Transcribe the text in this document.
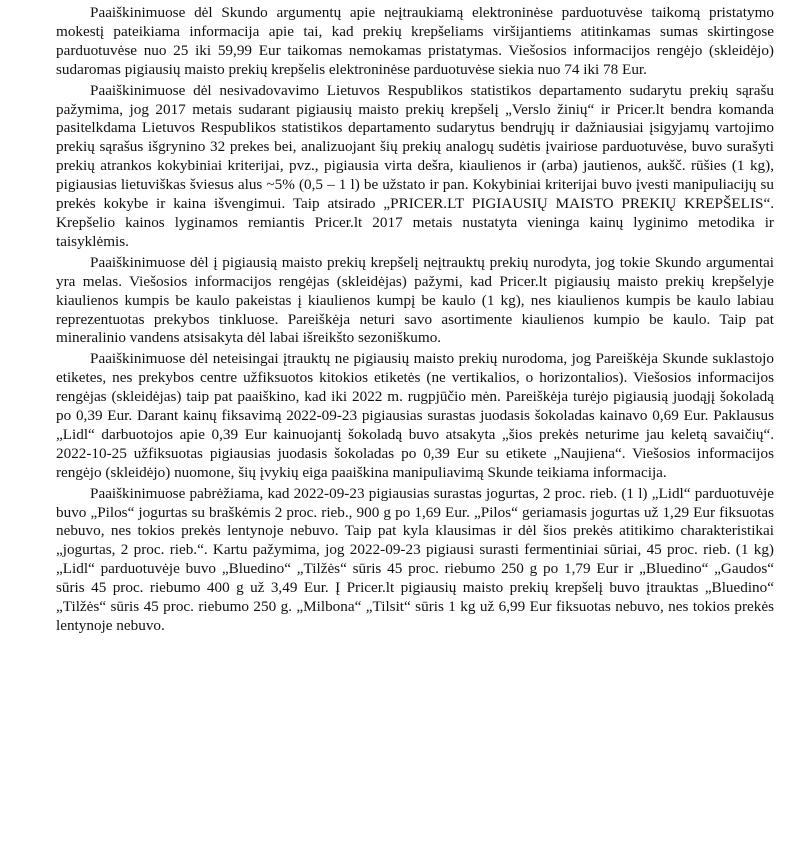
Paaiškinimuose dėl Skundo argumentų apie neįtraukiamą elektroninėse parduotuvėse taikomą pristatymo mokestį pateikiama informacija apie tai, kad prekių krepšeliams viršijantiems atitinkamas sumas skirtingose parduotuvėse nuo 25 iki 59,99 Eur taikomas nemokamas pristatymas. Viešosios informacijos rengėjo (skleidėjo) sudaromas pigiausių maisto prekių krepšelis elektroninėse parduotuvėse siekia nuo 74 iki 78 Eur.

Paaiškinimuose dėl nesivadovavimo Lietuvos Respublikos statistikos departamento sudarytu prekių sąrašu pažymima, jog 2017 metais sudarant pigiausių maisto prekių krepšelį „Verslo žinių“ ir Pricer.lt bendra komanda pasitelkdama Lietuvos Respublikos statistikos departamento sudarytus bendrųjų ir dažniausiai įsigyjamų vartojimo prekių sąrašus išgrynino 32 prekes bei, analizuojant šių prekių analogų sudėtis įvairiose parduotuvėse, buvo surašyti prekių atrankos kokybiniai kriterijai, pvz., pigiausia virta dešra, kiaulienos ir (arba) jautienos, aukšč. rūšies (1 kg), pigiausias lietuviškas šviesus alus ~5% (0,5 – 1 l) be užstato ir pan. Kokybiniai kriterijai buvo įvesti manipuliacijų su prekės kokybe ir kaina išvengimui. Taip atsirado „PRICER.LT PIGIAUSIŲ MAISTO PREKIŲ KREPŠELIS“. Krepšelio kainos lyginamos remiantis Pricer.lt 2017 metais nustatyta vieninga kainų lyginimo metodika ir taisyklėmis.

Paaiškinimuose dėl į pigiausią maisto prekių krepšelį neįtrauktų prekių nurodyta, jog tokie Skundo argumentai yra melas. Viešosios informacijos rengėjas (skleidėjas) pažymi, kad Pricer.lt pigiausių maisto prekių krepšelyje kiaulienos kumpis be kaulo pakeistas į kiaulienos kumpį be kaulo (1 kg), nes kiaulienos kumpis be kaulo labiau reprezentuotas prekybos tinkluose. Pareiškėja neturi savo asortimente kiaulienos kumpio be kaulo. Taip pat mineralinio vandens atsisakyta dėl labai išreikšto sezoniškumo.

Paaiškinimuose dėl neteisingai įtrauktų ne pigiausių maisto prekių nurodoma, jog Pareiškėja Skunde suklastojo etiketes, nes prekybos centre užfiksuotos kitokios etiketės (ne vertikalios, o horizontalios). Viešosios informacijos rengėjas (skleidėjas) taip pat paaiškino, kad iki 2022 m. rugpjūčio mėn. Pareiškėja turėjo pigiausią juodąjį šokoladą po 0,39 Eur. Darant kainų fiksavimą 2022-09-23 pigiausias surastas juodasis šokoladas kainavo 0,69 Eur. Paklausus „Lidl“ darbuotojos apie 0,39 Eur kainuojantį šokoladą buvo atsakyta „šios prekės neturime jau keletą savaičių“. 2022-10-25 užfiksuotas pigiausias juodasis šokoladas po 0,39 Eur su etikete „Naujiena“. Viešosios informacijos rengėjo (skleidėjo) nuomone, šių įvykių eiga paaiškina manipuliavimą Skunde teikiama informacija.

Paaiškinimuose pabrėžiama, kad 2022-09-23 pigiausias surastas jogurtas, 2 proc. rieb. (1 l) „Lidl“ parduotuvėje buvo „Pilos“ jogurtas su braškėmis 2 proc. rieb., 900 g po 1,69 Eur. „Pilos“ geriamasis jogurtas už 1,29 Eur fiksuotas nebuvo, nes tokios prekės lentynoje nebuvo. Taip pat kyla klausimas ir dėl šios prekės atitikimo charakteristikai „jogurtas, 2 proc. rieb.“. Kartu pažymima, jog 2022-09-23 pigiausi surasti fermentiniai sūriai, 45 proc. rieb. (1 kg) „Lidl“ parduotuvėje buvo „Bluedino“ „Tilžės“ sūris 45 proc. riebumo 250 g po 1,79 Eur ir „Bluedino“ „Gaudos“ sūris 45 proc. riebumo 400 g už 3,49 Eur. Į Pricer.lt pigiausių maisto prekių krepšelį buvo įtrauktas „Bluedino“ „Tilžės“ sūris 45 proc. riebumo 250 g. „Milbona“ „Tilsit“ sūris 1 kg už 6,99 Eur fiksuotas nebuvo, nes tokios prekės lentynoje nebuvo.
